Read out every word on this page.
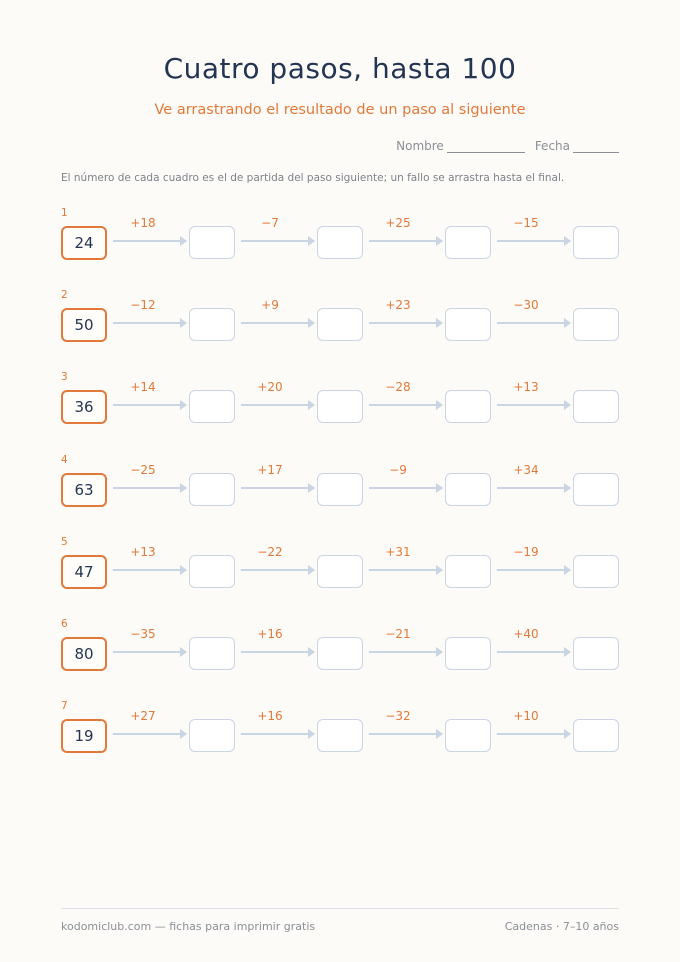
Cuatro pasos, hasta 100
Ve arrastrando el resultado de un paso al siguiente
Nombre	Fecha
El número de cada cuadro es el de partida del paso siguiente; un fallo se arrastra hasta el final.
1
24
+18	−7	+25	−15
2
50
−12	+9	+23	−30
3
36
+14	+20	−28	+13
4
63
−25	+17	−9	+34
5
47
+13	−22	+31	−19
6
80
−35	+16	−21	+40
7
19
+27	+16	−32	+10
kodomiclub.com — fichas para imprimir gratis	Cadenas · 7–10 años
